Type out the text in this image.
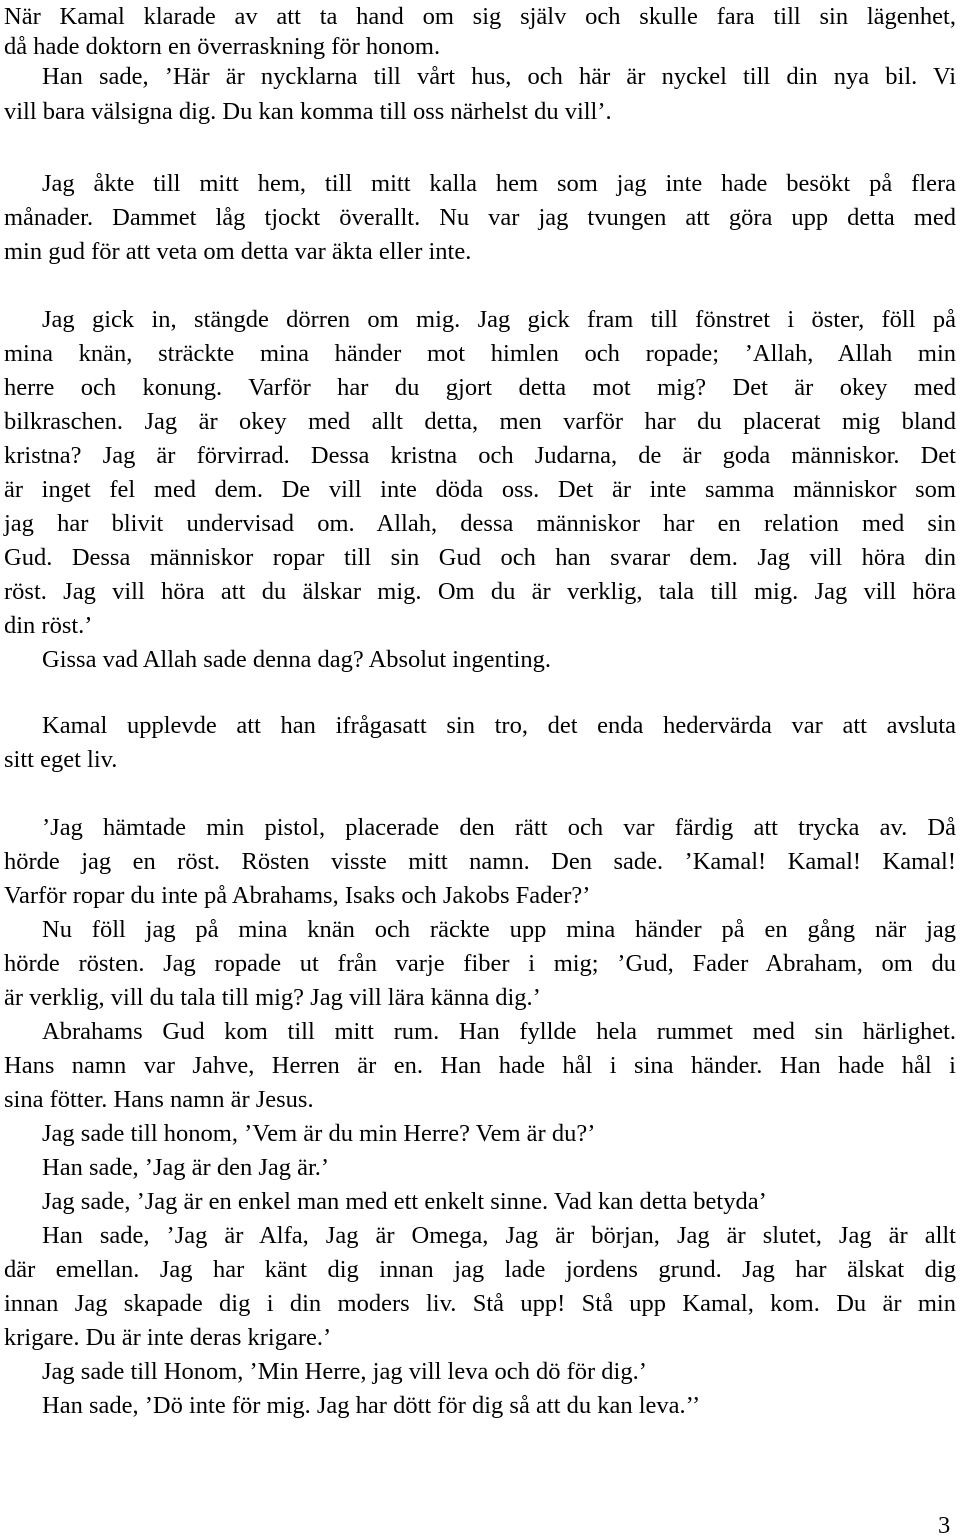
När Kamal klarade av att ta hand om sig själv och skulle fara till sin lägenhet,
då hade doktorn en överraskning för honom.
Han sade, ’Här är nycklarna till vårt hus, och här är nyckel till din nya bil. Vi
vill bara välsigna dig. Du kan komma till oss närhelst du vill’.
Jag åkte till mitt hem, till mitt kalla hem som jag inte hade besökt på flera
månader. Dammet låg tjockt överallt. Nu var jag tvungen att göra upp detta med
min gud för att veta om detta var äkta eller inte.
Jag gick in, stängde dörren om mig. Jag gick fram till fönstret i öster, föll på
mina knän, sträckte mina händer mot himlen och ropade; ’Allah, Allah min
herre och konung. Varför har du gjort detta mot mig? Det är okey med
bilkraschen. Jag är okey med allt detta, men varför har du placerat mig bland
kristna? Jag är förvirrad. Dessa kristna och Judarna, de är goda människor. Det
är inget fel med dem. De vill inte döda oss. Det är inte samma människor som
jag har blivit undervisad om. Allah, dessa människor har en relation med sin
Gud. Dessa människor ropar till sin Gud och han svarar dem. Jag vill höra din
röst. Jag vill höra att du älskar mig. Om du är verklig, tala till mig. Jag vill höra
din röst.’
Gissa vad Allah sade denna dag? Absolut ingenting.
Kamal upplevde att han ifrågasatt sin tro, det enda hedervärda var att avsluta
sitt eget liv.
’Jag hämtade min pistol, placerade den rätt och var färdig att trycka av. Då
hörde jag en röst. Rösten visste mitt namn. Den sade. ’Kamal! Kamal! Kamal!
Varför ropar du inte på Abrahams, Isaks och Jakobs Fader?’
Nu föll jag på mina knän och räckte upp mina händer på en gång när jag
hörde rösten. Jag ropade ut från varje fiber i mig; ’Gud, Fader Abraham, om du
är verklig, vill du tala till mig? Jag vill lära känna dig.’
Abrahams Gud kom till mitt rum. Han fyllde hela rummet med sin härlighet.
Hans namn var Jahve, Herren är en. Han hade hål i sina händer. Han hade hål i
sina fötter. Hans namn är Jesus.
Jag sade till honom, ’Vem är du min Herre? Vem är du?’
Han sade, ’Jag är den Jag är.’
Jag sade, ’Jag är en enkel man med ett enkelt sinne. Vad kan detta betyda’
Han sade, ’Jag är Alfa, Jag är Omega, Jag är början, Jag är slutet, Jag är allt
där emellan. Jag har känt dig innan jag lade jordens grund. Jag har älskat dig
innan Jag skapade dig i din moders liv. Stå upp! Stå upp Kamal, kom. Du är min
krigare. Du är inte deras krigare.’
Jag sade till Honom, ’Min Herre, jag vill leva och dö för dig.’
Han sade, ’Dö inte för mig. Jag har dött för dig så att du kan leva.’’
3
